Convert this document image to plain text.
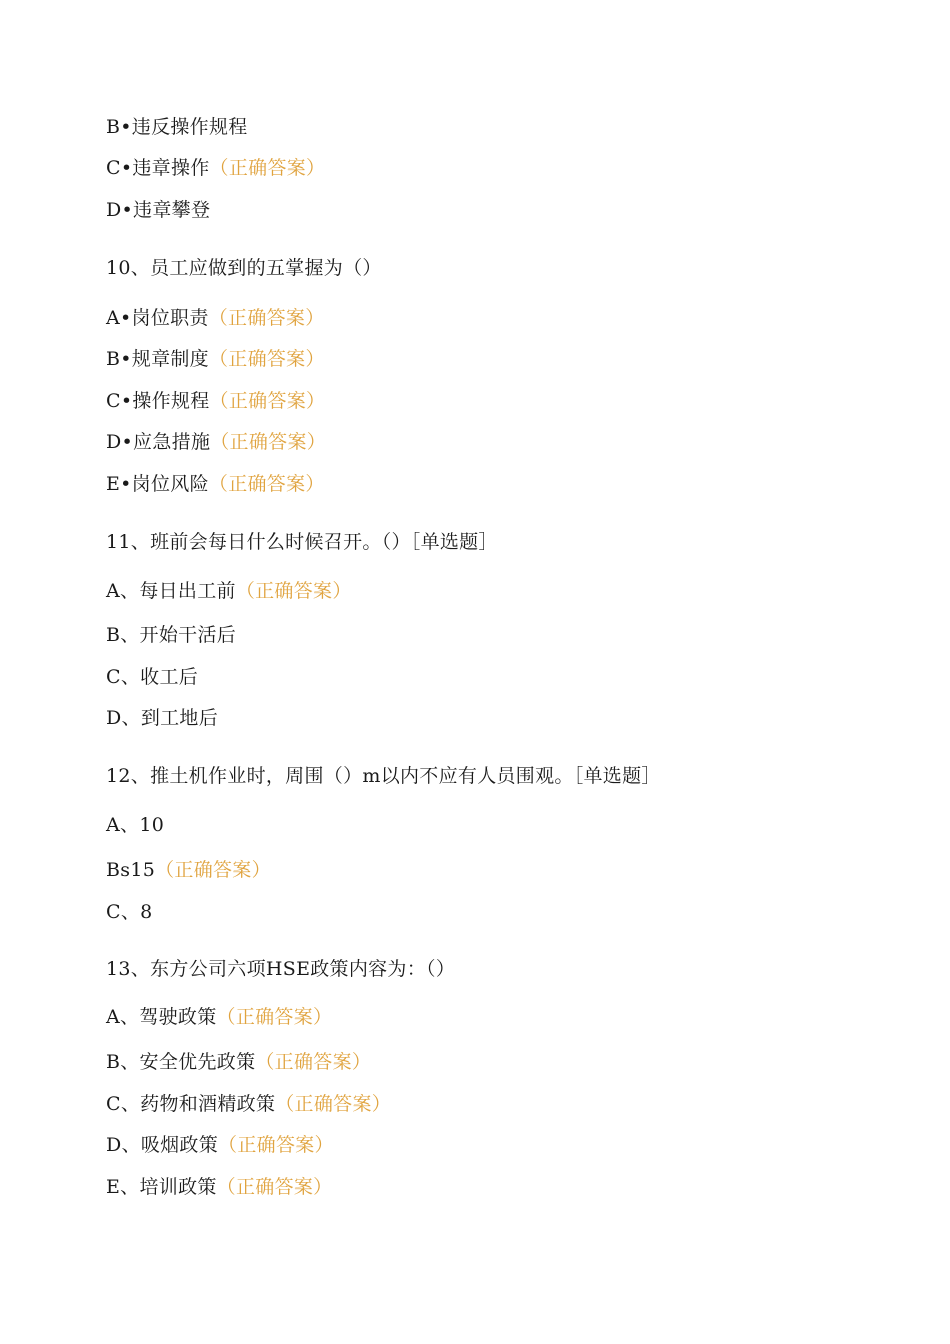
B•违反操作规程
C•违章操作（正确答案）
D•违章攀登
10、员工应做到的五掌握为（）
A•岗位职责（正确答案）
B•规章制度（正确答案）
C•操作规程（正确答案）
D•应急措施（正确答案）
E•岗位风险（正确答案）
11、班前会每日什么时候召开。（）［单选题］
A、每日出工前（正确答案）
B、开始干活后
C、收工后
D、到工地后
12、推土机作业时，周围（）m以内不应有人员围观。［单选题］
A、10
Bs15（正确答案）
C、8
13、东方公司六项HSE政策内容为：（）
A、驾驶政策（正确答案）
B、安全优先政策（正确答案）
C、药物和酒精政策（正确答案）
D、吸烟政策（正确答案）
E、培训政策（正确答案）
